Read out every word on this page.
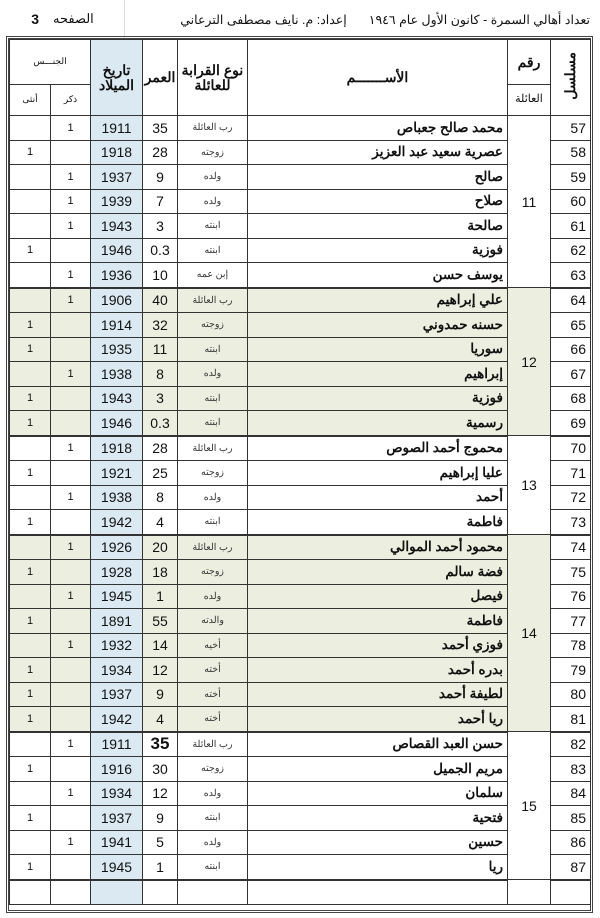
الصفحه
3	تعداد أهالي السمرة - كانون الأول عام ١٩٤٦
إعداد: م. نايف مصطفى الترعاني
الجنـــس		تاريخ الميلاد	العمر	نوع القرابة للعائلة	الأســـــــم	رقم	مسلسل
أنثى	ذكر					العائلة	
	1	1911	35	رب العائلة	محمد صالح جعباص	11	57
1		1918	28	زوجته	عصرية سعيد عبد العزيز		58
	1	1937	9	ولده	صالح		59
	1	1939	7	ولده	صلاح		60
	1	1943	3	ابنته	صالحة		61
1		1946	0.3	ابنته	فوزية		62
	1	1936	10	إبن عمه	يوسف حسن		63
	1	1906	40	رب العائلة	علي إبراهيم	12	64
1		1914	32	زوجته	حسنه حمدوني		65
1		1935	11	ابنته	سوريا		66
	1	1938	8	ولده	إبراهيم		67
1		1943	3	ابنته	فوزية		68
1		1946	0.3	ابنته	رسمية		69
	1	1918	28	رب العائلة	محموج أحمد الصوص	13	70
1		1921	25	زوجته	عليا إبراهيم		71
	1	1938	8	ولده	أحمد		72
1		1942	4	ابنته	فاطمة		73
	1	1926	20	رب العائلة	محمود أحمد الموالي	14	74
1		1928	18	زوجته	فضة سالم		75
	1	1945	1	ولده	فيصل		76
1		1891	55	والدته	فاطمة		77
	1	1932	14	أخيه	فوزي أحمد		78
1		1934	12	أخته	بدره أحمد		79
1		1937	9	أخته	لطيفة أحمد		80
1		1942	4	أخته	ريا أحمد		81
	1	1911	35	رب العائلة	حسن العبد القصاص	15	82
1		1916	30	زوجته	مريم الجميل		83
	1	1934	12	ولده	سلمان		84
1		1937	9	ابنته	فتحية		85
	1	1941	5	ولده	حسين		86
1		1945	1	ابنته	ريا		87
